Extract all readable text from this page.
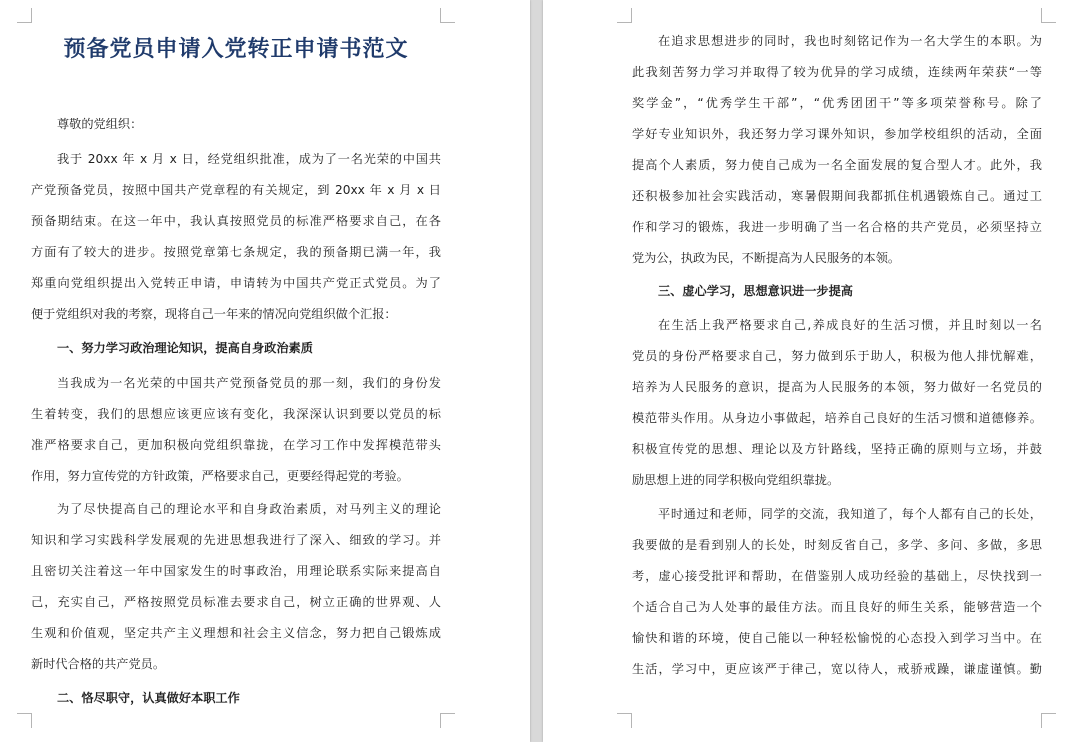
预备党员申请入党转正申请书范文
尊敬的党组织：
我于 20xx 年 x 月 x 日，经党组织批准，成为了一名光荣的中国共
产党预备党员，按照中国共产党章程的有关规定，到 20xx 年 x 月 x 日
预备期结束。在这一年中，我认真按照党员的标准严格要求自己，在各
方面有了较大的进步。按照党章第七条规定，我的预备期已满一年，我
郑重向党组织提出入党转正申请，申请转为中国共产党正式党员。为了
便于党组织对我的考察，现将自己一年来的情况向党组织做个汇报：
一、努力学习政治理论知识，提高自身政治素质
当我成为一名光荣的中国共产党预备党员的那一刻，我们的身份发
生着转变，我们的思想应该更应该有变化，我深深认识到要以党员的标
准严格要求自己，更加积极向党组织靠拢，在学习工作中发挥模范带头
作用，努力宣传党的方针政策，严格要求自己，更要经得起党的考验。
为了尽快提高自己的理论水平和自身政治素质，对马列主义的理论
知识和学习实践科学发展观的先进思想我进行了深入、细致的学习。并
且密切关注着这一年中国家发生的时事政治，用理论联系实际来提高自
己，充实自己，严格按照党员标准去要求自己，树立正确的世界观、人
生观和价值观，坚定共产主义理想和社会主义信念，努力把自己锻炼成
新时代合格的共产党员。
二、恪尽职守，认真做好本职工作
在追求思想进步的同时，我也时刻铭记作为一名大学生的本职。为
此我刻苦努力学习并取得了较为优异的学习成绩，连续两年荣获“一等
奖学金”，“优秀学生干部”，“优秀团团干”等多项荣誉称号。除了
学好专业知识外，我还努力学习课外知识，参加学校组织的活动，全面
提高个人素质，努力使自己成为一名全面发展的复合型人才。此外，我
还积极参加社会实践活动，寒暑假期间我都抓住机遇锻炼自己。通过工
作和学习的锻炼，我进一步明确了当一名合格的共产党员，必须坚持立
党为公，执政为民，不断提高为人民服务的本领。
三、虚心学习，思想意识进一步提高
在生活上我严格要求自己,养成良好的生活习惯，并且时刻以一名
党员的身份严格要求自己，努力做到乐于助人，积极为他人排忧解难，
培养为人民服务的意识，提高为人民服务的本领，努力做好一名党员的
模范带头作用。从身边小事做起，培养自己良好的生活习惯和道德修养。
积极宣传党的思想、理论以及方针路线，坚持正确的原则与立场，并鼓
励思想上进的同学积极向党组织靠拢。
平时通过和老师，同学的交流，我知道了，每个人都有自己的长处，
我要做的是看到别人的长处，时刻反省自己，多学、多问、多做，多思
考，虚心接受批评和帮助，在借鉴别人成功经验的基础上，尽快找到一
个适合自己为人处事的最佳方法。而且良好的师生关系，能够营造一个
愉快和谐的环境，使自己能以一种轻松愉悦的心态投入到学习当中。在
生活，学习中，更应该严于律己，宽以待人，戒骄戒躁，谦虚谨慎。勤
